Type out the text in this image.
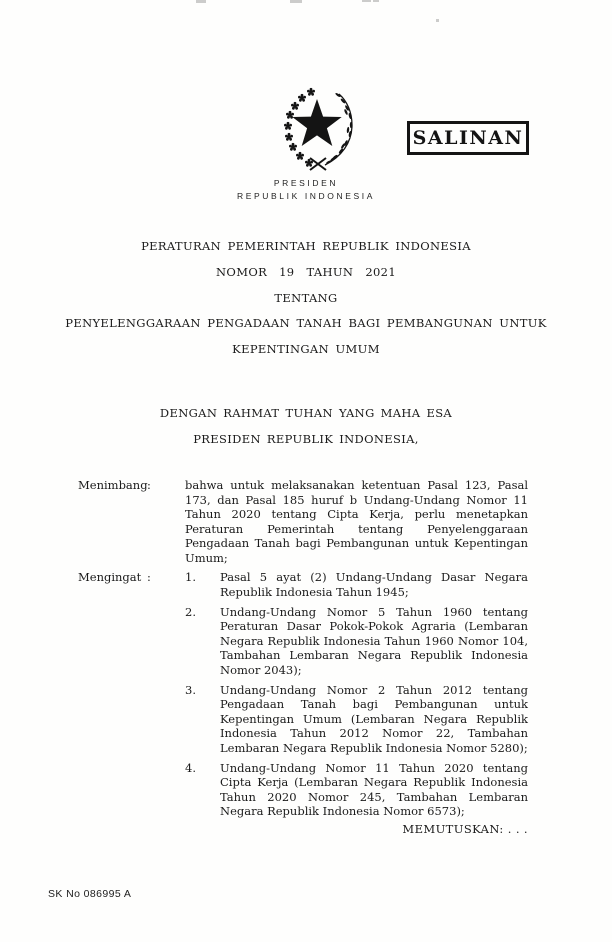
SALINAN
PRESIDEN
REPUBLIK INDONESIA
PERATURAN PEMERINTAH REPUBLIK INDONESIA
NOMOR 19 TAHUN 2021
TENTANG
PENYELENGGARAAN PENGADAAN TANAH BAGI PEMBANGUNAN UNTUK
KEPENTINGAN UMUM
DENGAN RAHMAT TUHAN YANG MAHA ESA
PRESIDEN REPUBLIK INDONESIA,
Menimbang :	bahwa untuk melaksanakan ketentuan Pasal 123, Pasal 173, dan Pasal 185 huruf b Undang-Undang Nomor 11 Tahun 2020 tentang Cipta Kerja, perlu menetapkan Peraturan Pemerintah tentang Penyelenggaraan Pengadaan Tanah bagi Pembangunan untuk Kepentingan Umum;
Mengingat :	1.	Pasal 5 ayat (2) Undang-Undang Dasar Negara Republik Indonesia Tahun 1945;
2.	Undang-Undang Nomor 5 Tahun 1960 tentang Peraturan Dasar Pokok-Pokok Agraria (Lembaran Negara Republik Indonesia Tahun 1960 Nomor 104, Tambahan Lembaran Negara Republik Indonesia Nomor 2043);
3.	Undang-Undang Nomor 2 Tahun 2012 tentang Pengadaan Tanah bagi Pembangunan untuk Kepentingan Umum (Lembaran Negara Republik Indonesia Tahun 2012 Nomor 22, Tambahan Lembaran Negara Republik Indonesia Nomor 5280);
4.	Undang-Undang Nomor 11 Tahun 2020 tentang Cipta Kerja (Lembaran Negara Republik Indonesia Tahun 2020 Nomor 245, Tambahan Lembaran Negara Republik Indonesia Nomor 6573);
MEMUTUSKAN: . . .
SK No 086995 A
